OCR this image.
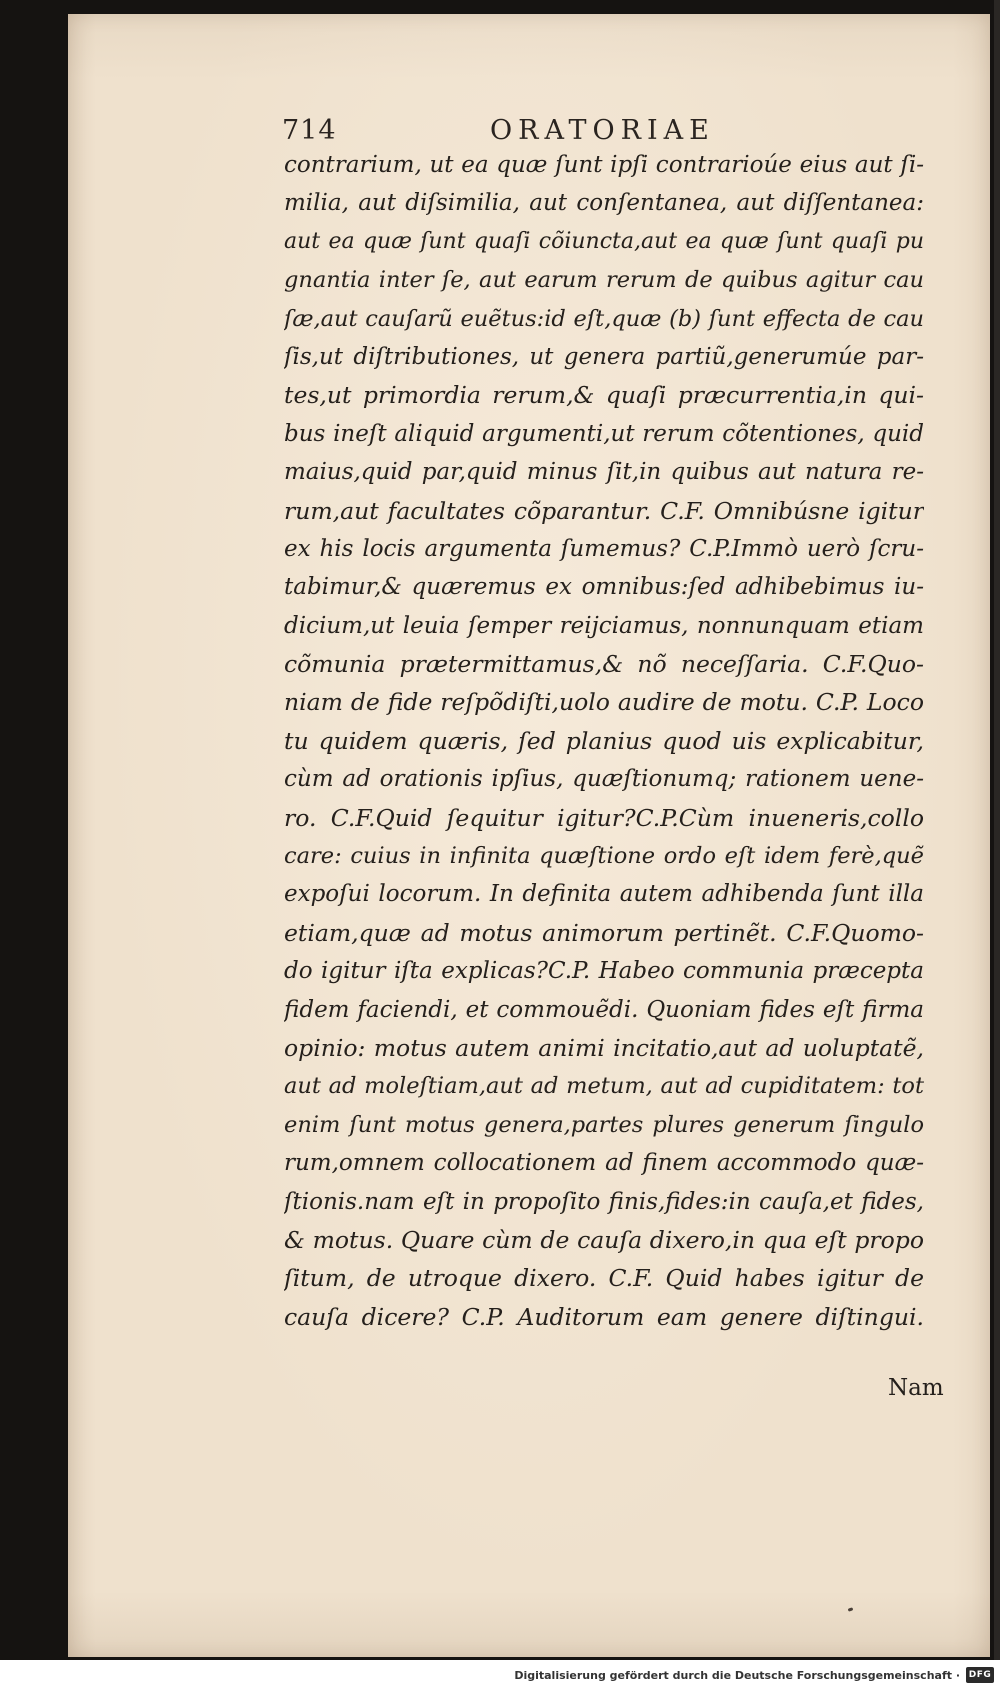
714	ORATORIAE
contrarium, ut ea quæ ſunt ipſi contrarioúe eius aut ſi-
milia, aut diſsimilia, aut conſentanea, aut diſſentanea:
aut ea quæ ſunt quaſi cõiuncta,aut ea quæ ſunt quaſi pu
gnantia inter ſe, aut earum rerum de quibus agitur cau
ſæ,aut cauſarũ euẽtus:id eſt,quæ (b) ſunt effecta de cau
ſis,ut diſtributiones, ut genera partiũ,generumúe par-
tes,ut primordia rerum,& quaſi præcurrentia,in qui-
bus ineſt aliquid argumenti,ut rerum cõtentiones, quid
maius,quid par,quid minus ſit,in quibus aut natura re-
rum,aut facultates cõparantur. C.F. Omnibúsne igitur
ex his locis argumenta ſumemus? C.P.Immò uerò ſcru-
tabimur,& quæremus ex omnibus:ſed adhibebimus iu-
dicium,ut leuia ſemper reijciamus, nonnunquam etiam
cõmunia prætermittamus,& nõ neceſſaria. C.F.Quo-
niam de fide reſpõdiſti,uolo audire de motu. C.P. Loco
tu quidem quæris, ſed planius quod uis explicabitur,
cùm ad orationis ipſius, quæſtionumq; rationem uene-
ro. C.F.Quid ſequitur igitur?C.P.Cùm inueneris,collo
care: cuius in infinita quæſtione ordo eſt idem ferè,quẽ
expoſui locorum. In definita autem adhibenda ſunt illa
etiam,quæ ad motus animorum pertinẽt. C.F.Quomo-
do igitur iſta explicas?C.P. Habeo communia præcepta
fidem faciendi, et commouẽdi. Quoniam fides eſt firma
opinio: motus autem animi incitatio,aut ad uoluptatẽ,
aut ad moleſtiam,aut ad metum, aut ad cupiditatem: tot
enim ſunt motus genera,partes plures generum ſingulo
rum,omnem collocationem ad finem accommodo quæ-
ſtionis.nam eſt in propoſito finis,fides:in cauſa,et fides,
& motus. Quare cùm de cauſa dixero,in qua eſt propo
ſitum, de utroque dixero. C.F. Quid habes igitur de
cauſa dicere? C.P. Auditorum eam genere diſtingui.
Nam
Digitalisierung gefördert durch die Deutsche Forschungsgemeinschaft · DFG
